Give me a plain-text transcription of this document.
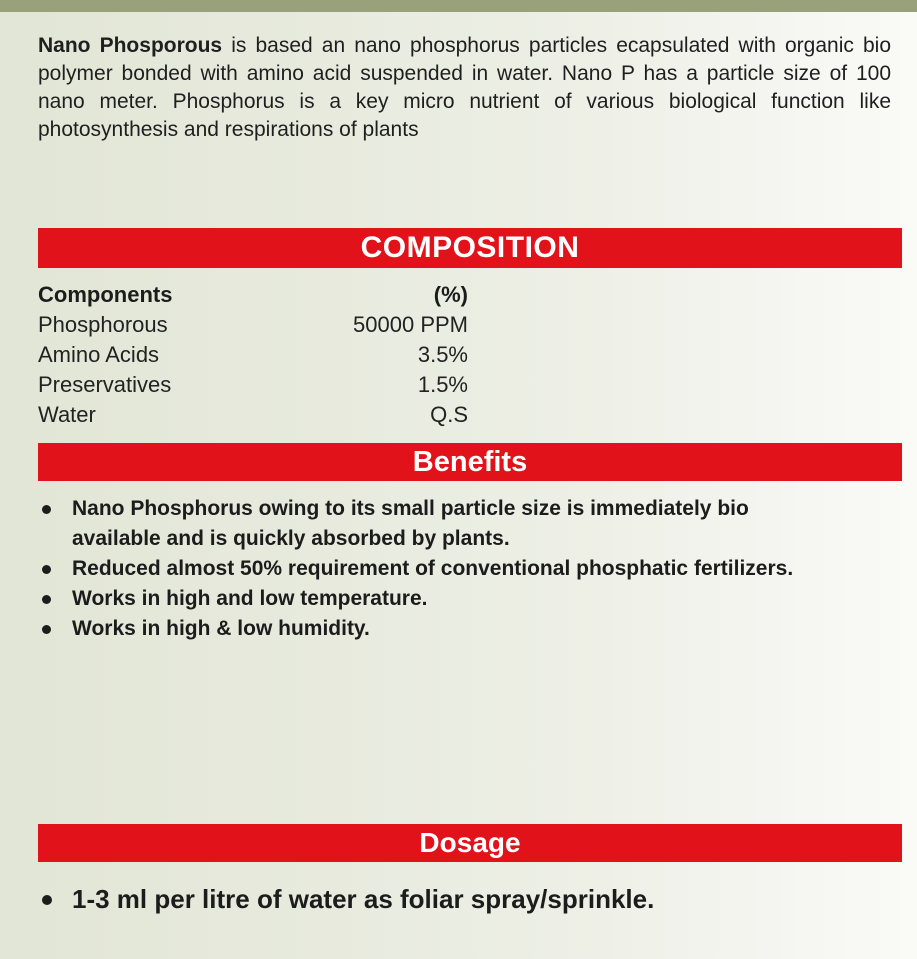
Nano Phosporous is based an nano phosphorus particles ecapsulated with organic bio polymer bonded with amino acid suspended in water. Nano P has a particle size of 100 nano meter. Phosphorus is a key micro nutrient of various biological function like photosynthesis and respirations of plants

COMPOSITION
Components	(%)
Phosphorous	50000 PPM
Amino Acids	3.5%
Preservatives	1.5%
Water	Q.S
Benefits
Nano Phosphorus owing to its small particle size is immediately bio available and is quickly absorbed by plants.
Reduced almost 50% requirement of conventional phosphatic fertilizers.
Works in high and low temperature.
Works in high & low humidity.
Dosage
1-3 ml per litre of water as foliar spray/sprinkle.
